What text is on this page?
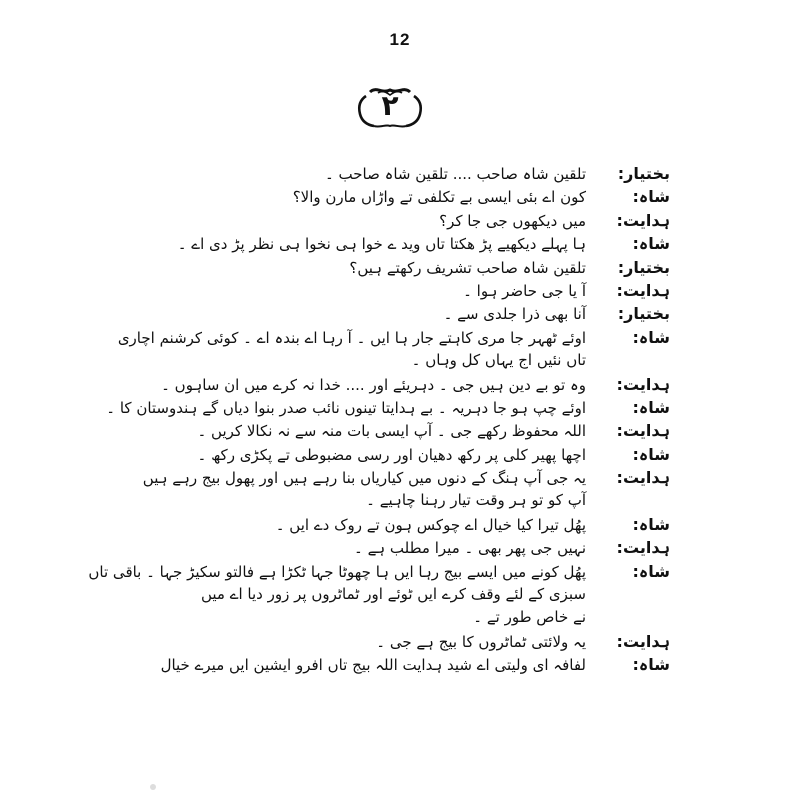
12
۲
بختیار:
تلقین شاہ صاحب .... تلقین شاہ صاحب ۔
شاہ:
کون اے بئی ایسی بے تکلفی تے واڑاں مارن والا؟
ہدایت:
میں دیکھوں جی جا کر؟
شاہ:
ہا پہلے دیکھیے پڑ ھکتا تاں وید ے خوا ہی نخوا ہی نظر پڑ دی اے ۔
بختیار:
تلقین شاہ صاحب تشریف رکھتے ہیں؟
ہدایت:
آ یا جی حاضر ہوا ۔
بختیار:
آنا بھی ذرا جلدی سے ۔
شاہ:
اوئے ٹھہر جا مری کاہتے جار ہا ایں ۔ آ رہا اے بندہ اے ۔ کوئی کرشنم اچاری
تاں نئیں اج یہاں کل وہاں ۔
ہدایت:
وہ تو بے دین ہیں جی ۔ دہریئے اور .... خدا نہ کرے میں ان ساہوں ۔
شاہ:
اوئے چپ ہو جا دہریہ ۔ بے ہدایتا تینوں نائب صدر بنوا دیاں گے ہندوستان کا ۔
ہدایت:
اللہ محفوظ رکھے جی ۔ آپ ایسی بات منہ سے نہ نکالا کریں ۔
شاہ:
اچھا پھیر کلی پر رکھ دھیان اور رسی مضبوطی تے پکڑی رکھ ۔
ہدایت:
یہ جی آپ ہنگ کے دنوں میں کیاریاں بنا رہے ہیں اور پھول بیج رہے ہیں
آپ کو تو ہر وقت تیار رہنا چاہیے ۔
شاہ:
پھُل تیرا کیا خیال اے چوکس ہون تے روک دے ایں ۔
ہدایت:
نہیں جی پھر بھی ۔ میرا مطلب ہے ۔
شاہ:
پھُل کونے میں ایسے بیج رہا ایں ہا چھوٹا جہا ٹکڑا ہے فالتو سکیڑ جہا ۔ باقی تاں
سبزی کے لئے وقف کرے ایں ٹوئے اور ٹماٹروں پر زور دیا اے میں
نے خاص طور تے ۔
ہدایت:
یہ ولائتی ٹماٹروں کا بیج ہے جی ۔
شاہ:
لفافہ ای ولیتی اے شید ہدایت اللہ بیج تاں افرو ایشین ایں میرے خیال
